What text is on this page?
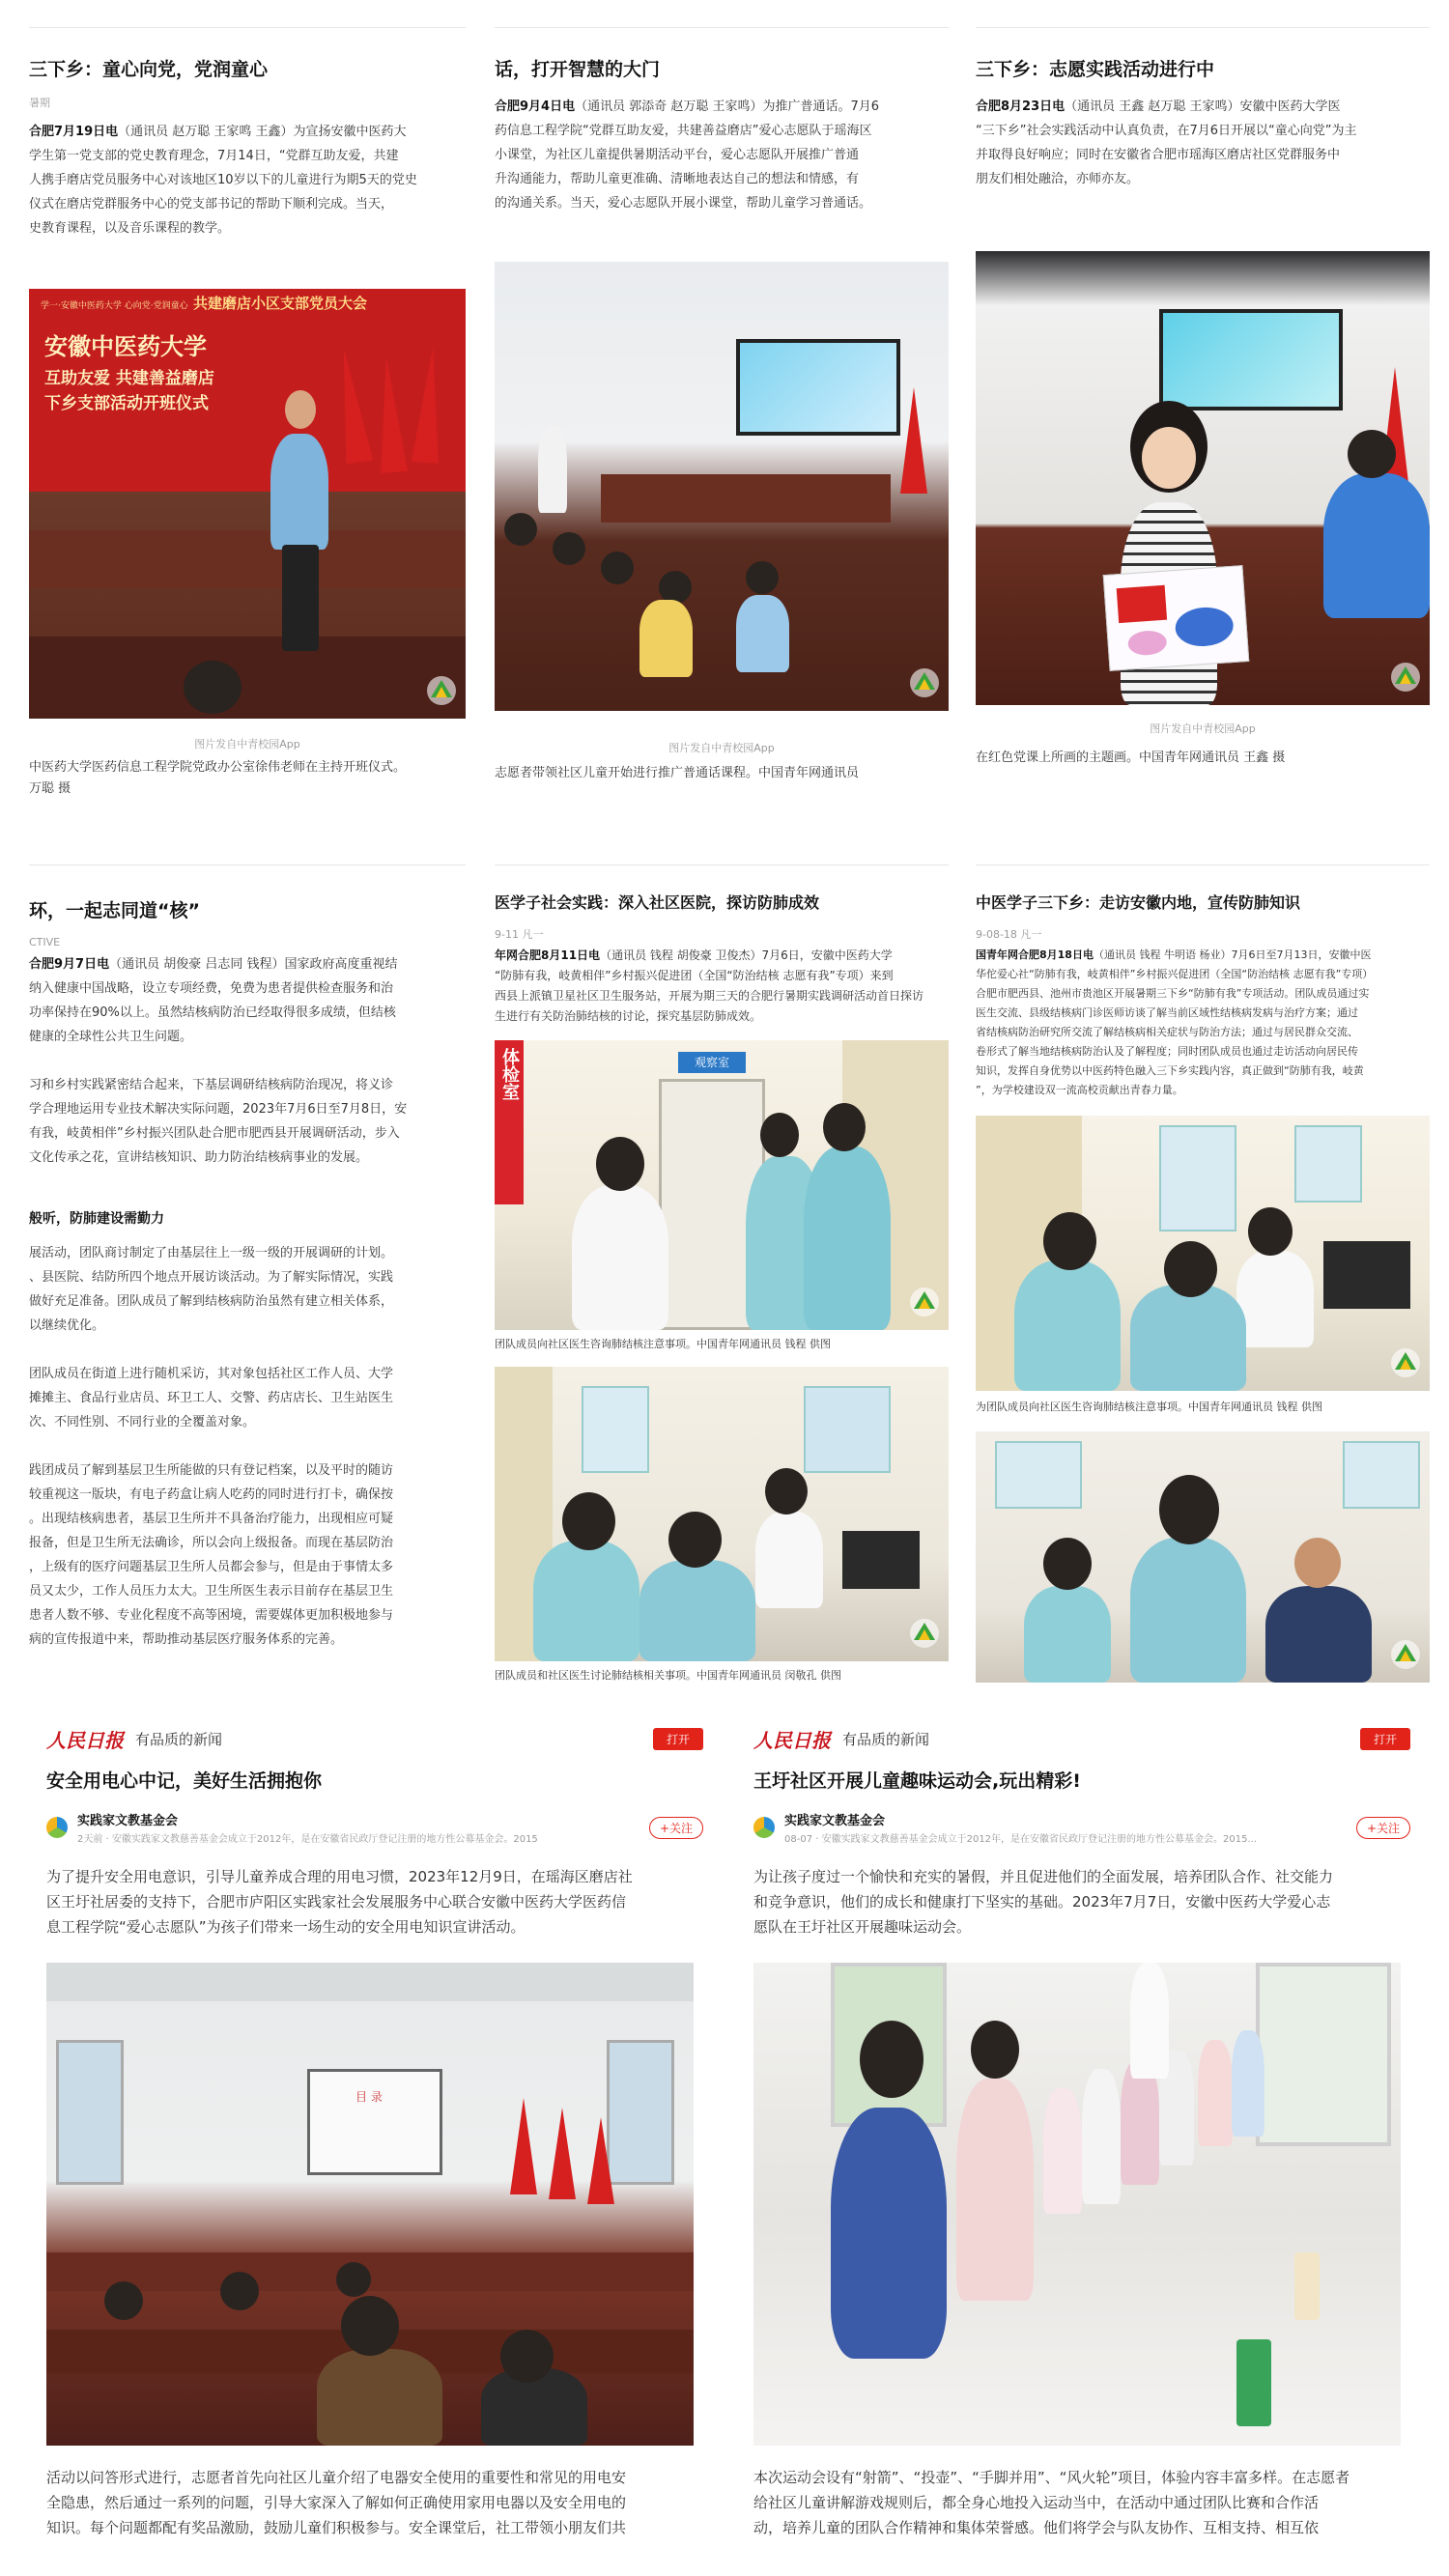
三下乡：童心向党，党润童心
暑期

合肥7月19日电（通讯员 赵万聪 王家鸣 王鑫）为宣扬安徽中医药大

学生第一党支部的党史教育理念，7月14日，“党群互助友爱，共建

人携手磨店党员服务中心对该地区10岁以下的儿童进行为期5天的党史

仪式在磨店党群服务中心的党支部书记的帮助下顺利完成。当天，

史教育课程，以及音乐课程的教学。

学一·安徽中医药大学 心向党·党润童心 共建磨店小区支部党员大会
安徽中医药大学
互助友爱 共建善益磨店
下乡支部活动开班仪式
图片发自中青校园App
中医药大学医药信息工程学院党政办公室徐伟老师在主持开班仪式。
万聪 摄
话，打开智慧的大门

合肥9月4日电（通讯员 郭添奇 赵万聪 王家鸣）为推广普通话。7月6

药信息工程学院“党群互助友爱，共建善益磨店”爱心志愿队于瑶海区

小课堂，为社区儿童提供暑期活动平台，爱心志愿队开展推广普通

升沟通能力，帮助儿童更准确、清晰地表达自己的想法和情感，有

的沟通关系。当天，爱心志愿队开展小课堂，帮助儿童学习普通话。

图片发自中青校园App
志愿者带领社区儿童开始进行推广普通话课程。中国青年网通讯员
三下乡：志愿实践活动进行中

合肥8月23日电（通讯员 王鑫 赵万聪 王家鸣）安徽中医药大学医

“三下乡”社会实践活动中认真负责，在7月6日开展以“童心向党”为主

并取得良好响应；同时在安徽省合肥市瑶海区磨店社区党群服务中

朋友们相处融洽，亦师亦友。

图片发自中青校园App
在红色党课上所画的主题画。中国青年网通讯员 王鑫 摄
环，一起志同道“核”
CTIVE

合肥9月7日电（通讯员 胡俊豪 吕志同 钱程）国家政府高度重视结

纳入健康中国战略，设立专项经费，免费为患者提供检查服务和治

功率保持在90%以上。虽然结核病防治已经取得很多成绩，但结核

健康的全球性公共卫生问题。

习和乡村实践紧密结合起来，下基层调研结核病防治现况，将义诊

学合理地运用专业技术解决实际问题，2023年7月6日至7月8日，安

有我，岐黄相伴”乡村振兴团队赴合肥市肥西县开展调研活动，步入

文化传承之花，宣讲结核知识、助力防治结核病事业的发展。

般听，防肺建设需勤力

展活动，团队商讨制定了由基层往上一级一级的开展调研的计划。

、县医院、结防所四个地点开展访谈活动。为了解实际情况，实践

做好充足准备。团队成员了解到结核病防治虽然有建立相关体系，

以继续优化。

团队成员在街道上进行随机采访，其对象包括社区工作人员、大学

摊摊主、食品行业店员、环卫工人、交警、药店店长、卫生站医生

次、不同性别、不同行业的全覆盖对象。

践团成员了解到基层卫生所能做的只有登记档案，以及平时的随访

较重视这一版块，有电子药盒让病人吃药的同时进行打卡，确保按

。出现结核病患者，基层卫生所并不具备治疗能力，出现相应可疑

报备，但是卫生所无法确诊，所以会向上级报备。而现在基层防治

，上级有的医疗问题基层卫生所人员都会参与，但是由于事情太多

员又太少，工作人员压力太大。卫生所医生表示目前存在基层卫生

患者人数不够、专业化程度不高等困境，需要媒体更加积极地参与

病的宣传报道中来，帮助推动基层医疗服务体系的完善。

医学子社会实践：深入社区医院，探访防肺成效
9-11 凡一

年网合肥8月11日电（通讯员 钱程 胡俊豪 卫俊杰）7月6日，安徽中医药大学

“防肺有我，岐黄相伴”乡村振兴促进团（全国“防治结核 志愿有我”专项）来到

西县上派镇卫星社区卫生服务站，开展为期三天的合肥行暑期实践调研活动首日探访

生进行有关防治肺结核的讨论，探究基层防肺成效。

体检室	观察室
团队成员向社区医生咨询肺结核注意事项。中国青年网通讯员 钱程 供图
团队成员和社区医生讨论肺结核相关事项。中国青年网通讯员 闵敬孔 供图
中医学子三下乡：走访安徽内地，宣传防肺知识
9-08-18 凡一

国青年网合肥8月18日电（通讯员 钱程 牛明语 杨业）7月6日至7月13日，安徽中医

华佗爱心社“防肺有我，岐黄相伴”乡村振兴促进团（全国“防治结核 志愿有我”专项）

合肥市肥西县、池州市贵池区开展暑期三下乡“防肺有我”专项活动。团队成员通过实

医生交流、县级结核病门诊医师访谈了解当前区域性结核病发病与治疗方案；通过

省结核病防治研究所交流了解结核病相关症状与防治方法；通过与居民群众交流、

卷形式了解当地结核病防治认及了解程度；同时团队成员也通过走访活动向居民传

知识，发挥自身优势以中医药特色融入三下乡实践内容，真正做到“防肺有我，岐黄

”，为学校建设双一流高校贡献出青春力量。

为团队成员向社区医生咨询肺结核注意事项。中国青年网通讯员 钱程 供图
人民日报 有品质的新闻	打开
安全用电心中记，美好生活拥抱你
实践家文教基金会
2天前 · 安徽实践家文教慈善基金会成立于2012年，是在安徽省民政厅登记注册的地方性公募基金会。2015
+关注

为了提升安全用电意识，引导儿童养成合理的用电习惯，2023年12月9日，在瑶海区磨店社

区王圩社居委的支持下，合肥市庐阳区实践家社会发展服务中心联合安徽中医药大学医药信

息工程学院“爱心志愿队”为孩子们带来一场生动的安全用电知识宣讲活动。

目 录

活动以问答形式进行，志愿者首先向社区儿童介绍了电器安全使用的重要性和常见的用电安

全隐患，然后通过一系列的问题，引导大家深入了解如何正确使用家用电器以及安全用电的

知识。每个问题都配有奖品激励，鼓励儿童们积极参与。安全课堂后，社工带领小朋友们共

人民日报 有品质的新闻	打开
王圩社区开展儿童趣味运动会,玩出精彩!
实践家文教基金会
08-07 · 安徽实践家文教慈善基金会成立于2012年，是在安徽省民政厅登记注册的地方性公募基金会。2015...
+关注

为让孩子度过一个愉快和充实的暑假，并且促进他们的全面发展，培养团队合作、社交能力

和竞争意识，他们的成长和健康打下坚实的基础。2023年7月7日，安徽中医药大学爱心志

愿队在王圩社区开展趣味运动会。

本次运动会设有“射箭”、“投壶”、“手脚并用”、“风火轮”项目，体验内容丰富多样。在志愿者

给社区儿童讲解游戏规则后，都全身心地投入运动当中，在活动中通过团队比赛和合作活

动，培养儿童的团队合作精神和集体荣誉感。他们将学会与队友协作、互相支持、相互依
